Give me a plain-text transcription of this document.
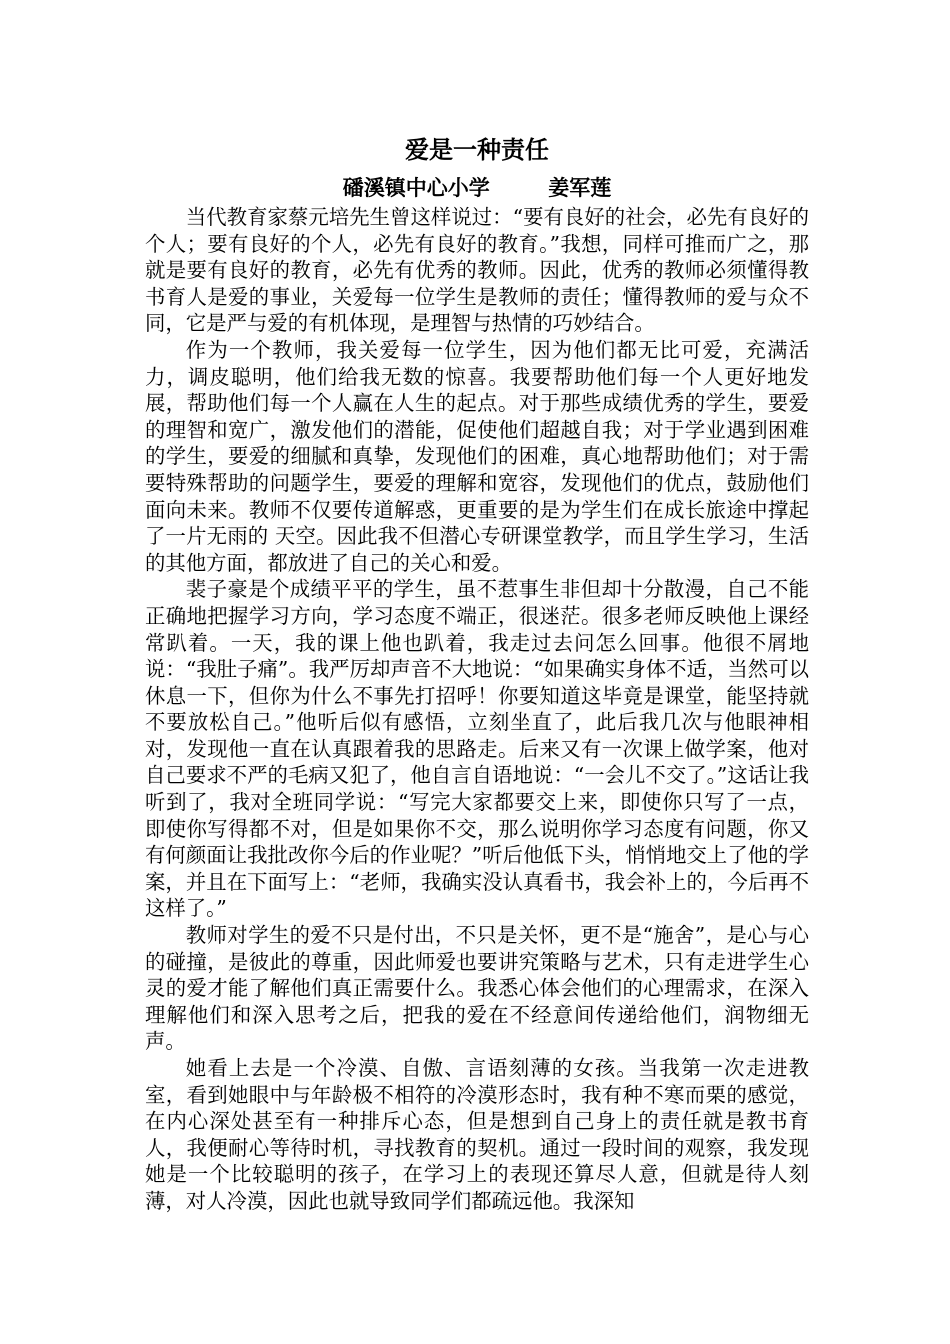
爱是一种责任
磻溪镇中心小学	姜军莲

当代教育家蔡元培先生曾这样说过：“要有良好的社会，必先有良好的个人；要有良好的个人，必先有良好的教育。”我想，同样可推而广之，那就是要有良好的教育，必先有优秀的教师。因此，优秀的教师必须懂得教书育人是爱的事业，关爱每一位学生是教师的责任；懂得教师的爱与众不同，它是严与爱的有机体现，是理智与热情的巧妙结合。

作为一个教师，我关爱每一位学生，因为他们都无比可爱，充满活力，调皮聪明，他们给我无数的惊喜。我要帮助他们每一个人更好地发展，帮助他们每一个人赢在人生的起点。对于那些成绩优秀的学生，要爱的理智和宽广，激发他们的潜能，促使他们超越自我；对于学业遇到困难的学生，要爱的细腻和真挚，发现他们的困难，真心地帮助他们；对于需要特殊帮助的问题学生，要爱的理解和宽容，发现他们的优点，鼓励他们面向未来。教师不仅要传道解惑，更重要的是为学生们在成长旅途中撑起了一片无雨的 天空。因此我不但潜心专研课堂教学，而且学生学习，生活的其他方面，都放进了自己的关心和爱。

裴子豪是个成绩平平的学生，虽不惹事生非但却十分散漫，自己不能正确地把握学习方向，学习态度不端正，很迷茫。很多老师反映他上课经常趴着。一天，我的课上他也趴着，我走过去问怎么回事。他很不屑地说：“我肚子痛”。我严厉却声音不大地说：“如果确实身体不适，当然可以休息一下，但你为什么不事先打招呼！你要知道这毕竟是课堂，能坚持就不要放松自己。”他听后似有感悟，立刻坐直了，此后我几次与他眼神相对，发现他一直在认真跟着我的思路走。后来又有一次课上做学案，他对自己要求不严的毛病又犯了，他自言自语地说：“一会儿不交了。”这话让我听到了，我对全班同学说：“写完大家都要交上来，即使你只写了一点， 即使你写得都不对，但是如果你不交，那么说明你学习态度有问题，你又有何颜面让我批改你今后的作业呢？”听后他低下头，悄悄地交上了他的学案，并且在下面写上：“老师，我确实没认真看书，我会补上的，今后再不这样了。”

教师对学生的爱不只是付出，不只是关怀，更不是“施舍”，是心与心的碰撞，是彼此的尊重，因此师爱也要讲究策略与艺术，只有走进学生心灵的爱才能了解他们真正需要什么。我悉心体会他们的心理需求，在深入理解他们和深入思考之后，把我的爱在不经意间传递给他们，润物细无声。

她看上去是一个冷漠、自傲、言语刻薄的女孩。当我第一次走进教室，看到她眼中与年龄极不相符的冷漠形态时，我有种不寒而栗的感觉，在内心深处甚至有一种排斥心态，但是想到自己身上的责任就是教书育人，我便耐心等待时机，寻找教育的契机。通过一段时间的观察，我发现她是一个比较聪明的孩子，在学习上的表现还算尽人意，但就是待人刻薄，对人冷漠，因此也就导致同学们都疏远他。我深知
